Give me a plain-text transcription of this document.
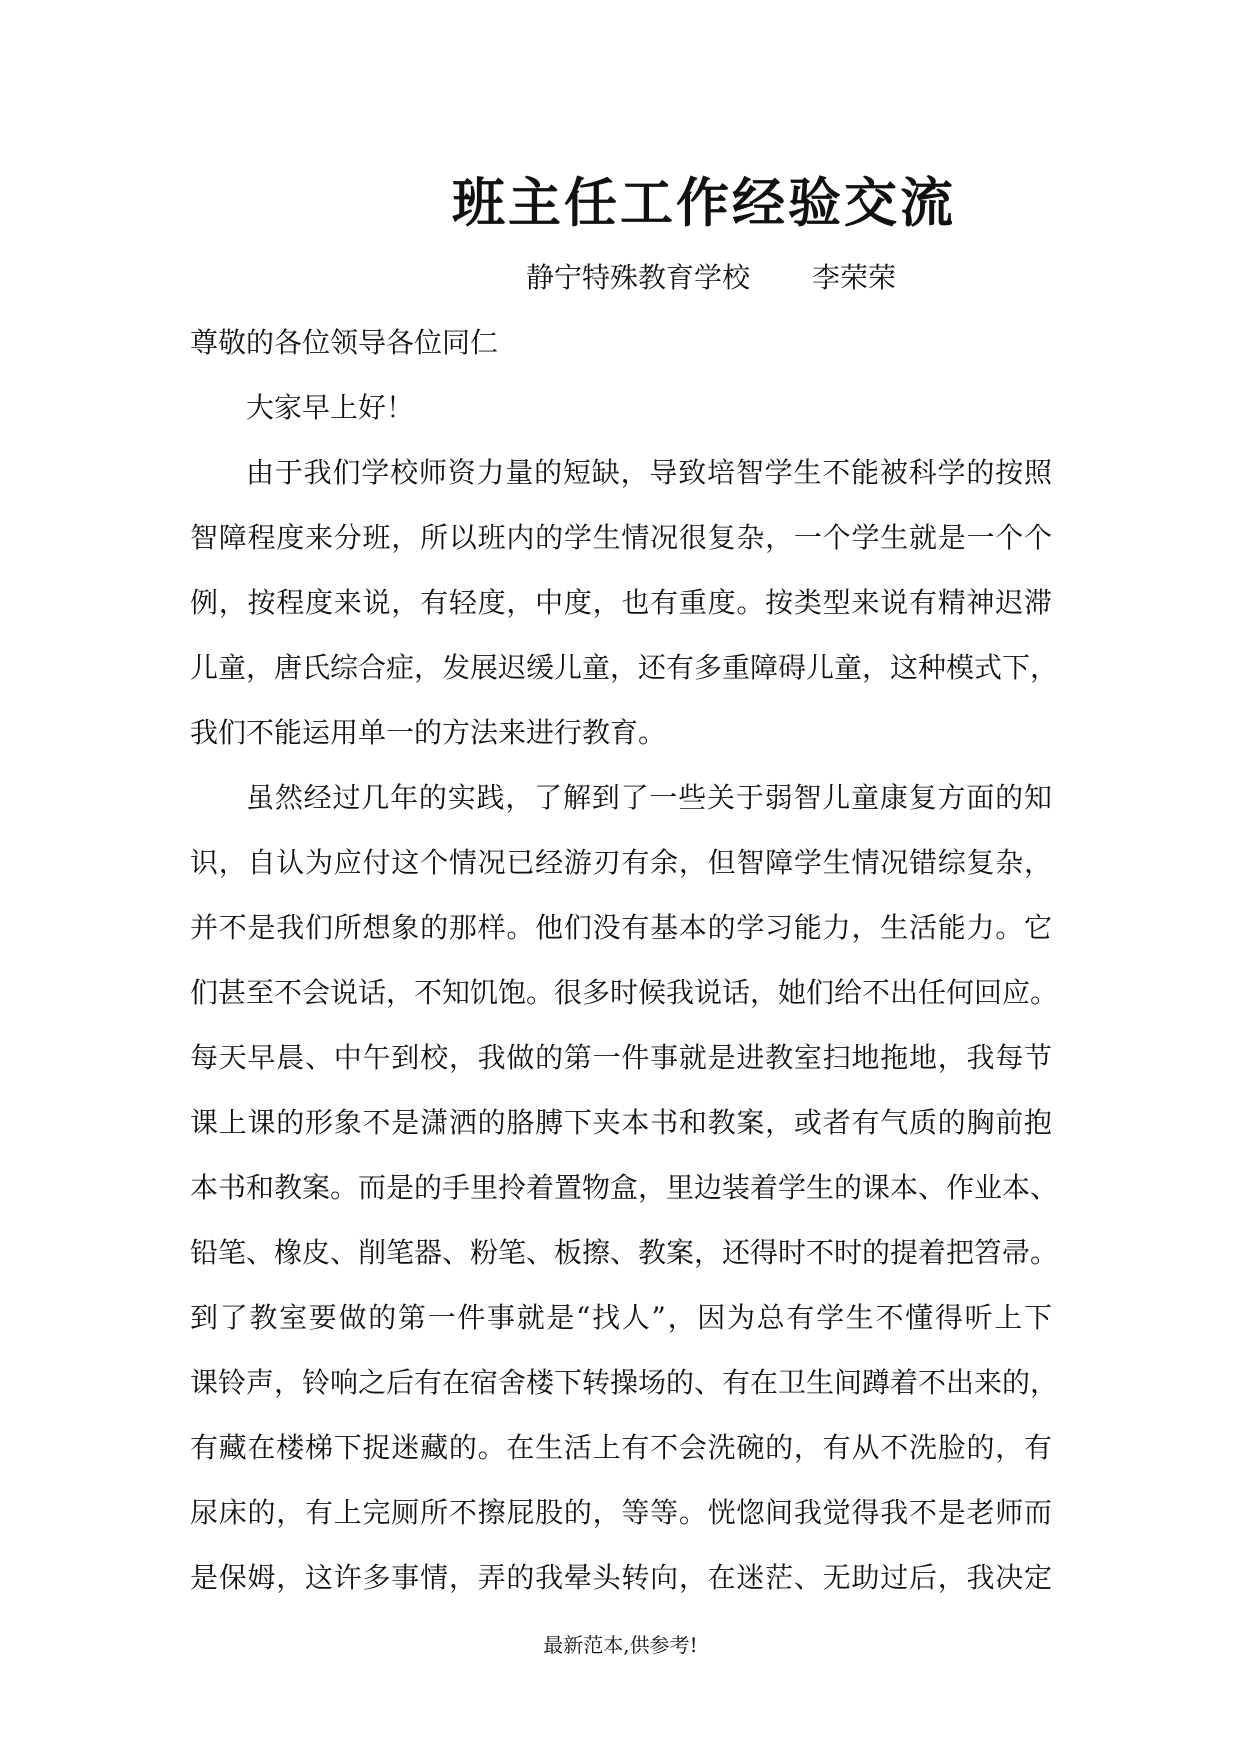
班主任工作经验交流
静宁特殊教育学校 李荣荣
尊敬的各位领导各位同仁
大家早上好！
由于我们学校师资力量的短缺，导致培智学生不能被科学的按照
智障程度来分班，所以班内的学生情况很复杂，一个学生就是一个个
例，按程度来说，有轻度，中度，也有重度。按类型来说有精神迟滞
儿童，唐氏综合症，发展迟缓儿童，还有多重障碍儿童，这种模式下，
我们不能运用单一的方法来进行教育。
虽然经过几年的实践，了解到了一些关于弱智儿童康复方面的知
识，自认为应付这个情况已经游刃有余，但智障学生情况错综复杂，
并不是我们所想象的那样。他们没有基本的学习能力，生活能力。它
们甚至不会说话，不知饥饱。很多时候我说话，她们给不出任何回应。
每天早晨、中午到校，我做的第一件事就是进教室扫地拖地，我每节
课上课的形象不是潇洒的胳膊下夹本书和教案，或者有气质的胸前抱
本书和教案。而是的手里拎着置物盒，里边装着学生的课本、作业本、
铅笔、橡皮、削笔器、粉笔、板擦、教案，还得时不时的提着把笤帚。
到了教室要做的第一件事就是“找人”，因为总有学生不懂得听上下
课铃声，铃响之后有在宿舍楼下转操场的、有在卫生间蹲着不出来的，
有藏在楼梯下捉迷藏的。在生活上有不会洗碗的，有从不洗脸的，有
尿床的，有上完厕所不擦屁股的，等等。恍惚间我觉得我不是老师而
是保姆，这许多事情，弄的我晕头转向，在迷茫、无助过后，我决定
最新范本,供参考!
